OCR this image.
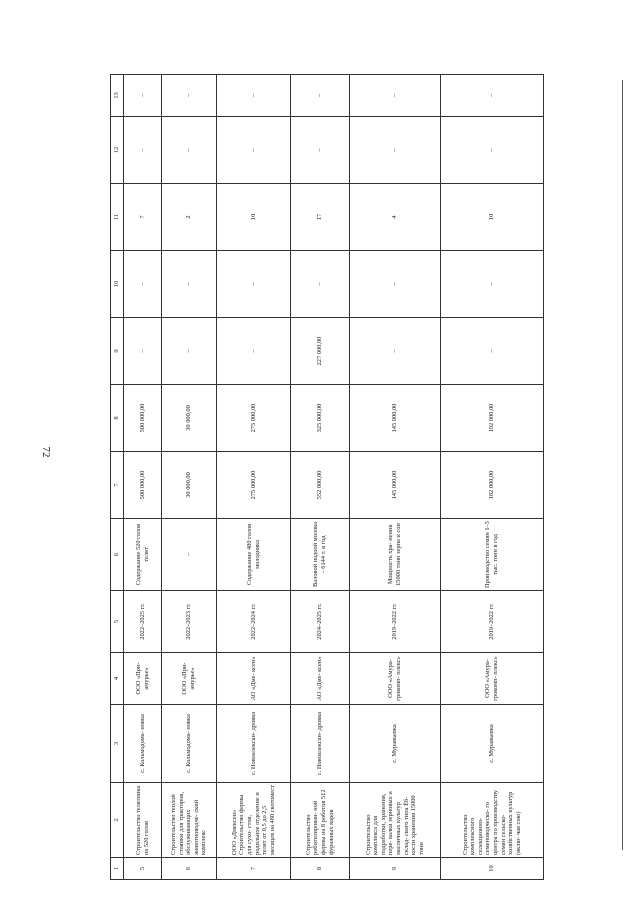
72
1	2	3	4	5	6	7	8	9	10	11	12	13
5	Строительство телятника на 520 голов	с. Кольмодома- новка	ООО «При- амурье»	2022–2025 гг.	Содержание 520 голов телят	500 000,00	500 000,00	–	–	7	–	–
6	Строительство теплой стоянки для тракторов, обслуживающих животноводче- ский комплекс	с. Кольмодома- новка	ООО «При- амурье»	2022–2023 гг.	–	30 000,00	30 000,00	–	–	2	–	–
7	ООО «Дмексен» Строительство фермы для сухо- стоя, родильное отделение и телят от 0,5 до 2,5 месяцев на 480 скотомест	с. Новоалексан- дровка	АО «Дме- ксен»	2022–2024 гг.	Содержание 480 голов молодняка	275 000,00	275 000,00	–	–	10	–	–
8	Строительство роботизирован- ной фермы на 8 роботов 512 фуражных коров	с. Новоалексан- дровка	АО «Дме- ксен»	2024–2025 гг.	Валовой надоой молока – 6144 т. в год	552 000,00	325 000,00	227 000,00	–	17	–	–
9	Строительство комплекса для подработки, хранения, пере- валки зерновых и масличных культур склад- ского типа Ёб- кости хранения 15000 тонн	с. Муравьевка	ООО «Амура- грокомп- плекс»	2019–2022 гг.	Мощность хра- нения 15000 тонн зерна и сои	145 000,00	145 000,00	–	–	4	–	–
10	Строительство комплексного селекционно- семеноводческо- го центра по производству семян сельско- хозяйственных культур (вклю- чая сою)	с. Муравьевка	ООО «Амура- грокомп- плекс»	2019–2022 гг.	Производство семян 1–5 тыс. тонн в год	102 000,00	102 000,00	–	–	10	–	–
